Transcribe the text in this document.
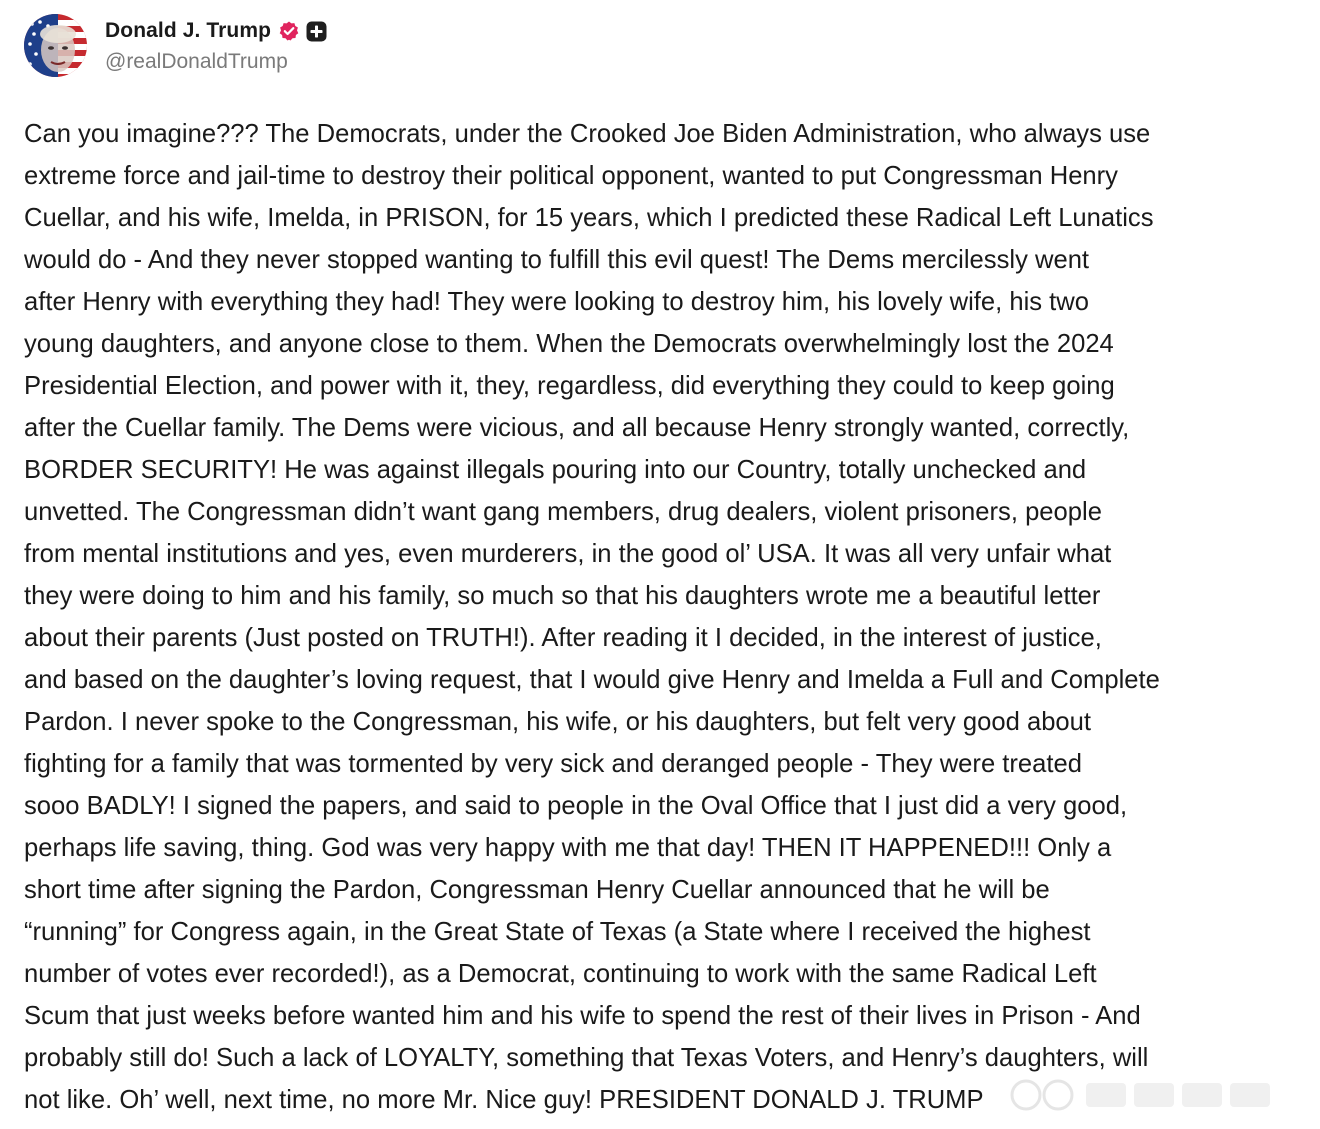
Donald J. Trump
@realDonaldTrump

Can you imagine??? The Democrats, under the Crooked Joe Biden Administration, who always use
extreme force and jail-time to destroy their political opponent, wanted to put Congressman Henry
Cuellar, and his wife, Imelda, in PRISON, for 15 years, which I predicted these Radical Left Lunatics
would do - And they never stopped wanting to fulfill this evil quest! The Dems mercilessly went
after Henry with everything they had! They were looking to destroy him, his lovely wife, his two
young daughters, and anyone close to them. When the Democrats overwhelmingly lost the 2024
Presidential Election, and power with it, they, regardless, did everything they could to keep going
after the Cuellar family. The Dems were vicious, and all because Henry strongly wanted, correctly,
BORDER SECURITY! He was against illegals pouring into our Country, totally unchecked and
unvetted. The Congressman didn’t want gang members, drug dealers, violent prisoners, people
from mental institutions and yes, even murderers, in the good ol’ USA. It was all very unfair what
they were doing to him and his family, so much so that his daughters wrote me a beautiful letter
about their parents (Just posted on TRUTH!). After reading it I decided, in the interest of justice,
and based on the daughter’s loving request, that I would give Henry and Imelda a Full and Complete
Pardon. I never spoke to the Congressman, his wife, or his daughters, but felt very good about
fighting for a family that was tormented by very sick and deranged people - They were treated
sooo BADLY! I signed the papers, and said to people in the Oval Office that I just did a very good,
perhaps life saving, thing. God was very happy with me that day! THEN IT HAPPENED!!! Only a
short time after signing the Pardon, Congressman Henry Cuellar announced that he will be
“running” for Congress again, in the Great State of Texas (a State where I received the highest
number of votes ever recorded!), as a Democrat, continuing to work with the same Radical Left
Scum that just weeks before wanted him and his wife to spend the rest of their lives in Prison - And
probably still do! Such a lack of LOYALTY, something that Texas Voters, and Henry’s daughters, will
not like. Oh’ well, next time, no more Mr. Nice guy! PRESIDENT DONALD J. TRUMP
